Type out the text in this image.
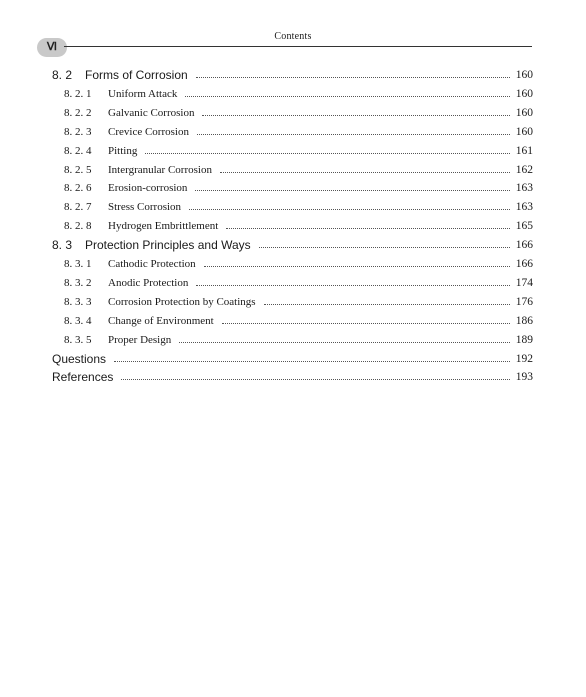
Contents
Ⅵ
8. 2 Forms of Corrosion	160
8. 2. 1 Uniform Attack	160
8. 2. 2 Galvanic Corrosion	160
8. 2. 3 Crevice Corrosion	160
8. 2. 4 Pitting	161
8. 2. 5 Intergranular Corrosion	162
8. 2. 6 Erosion-corrosion	163
8. 2. 7 Stress Corrosion	163
8. 2. 8 Hydrogen Embrittlement	165
8. 3 Protection Principles and Ways	166
8. 3. 1 Cathodic Protection	166
8. 3. 2 Anodic Protection	174
8. 3. 3 Corrosion Protection by Coatings	176
8. 3. 4 Change of Environment	186
8. 3. 5 Proper Design	189
Questions	192
References	193
